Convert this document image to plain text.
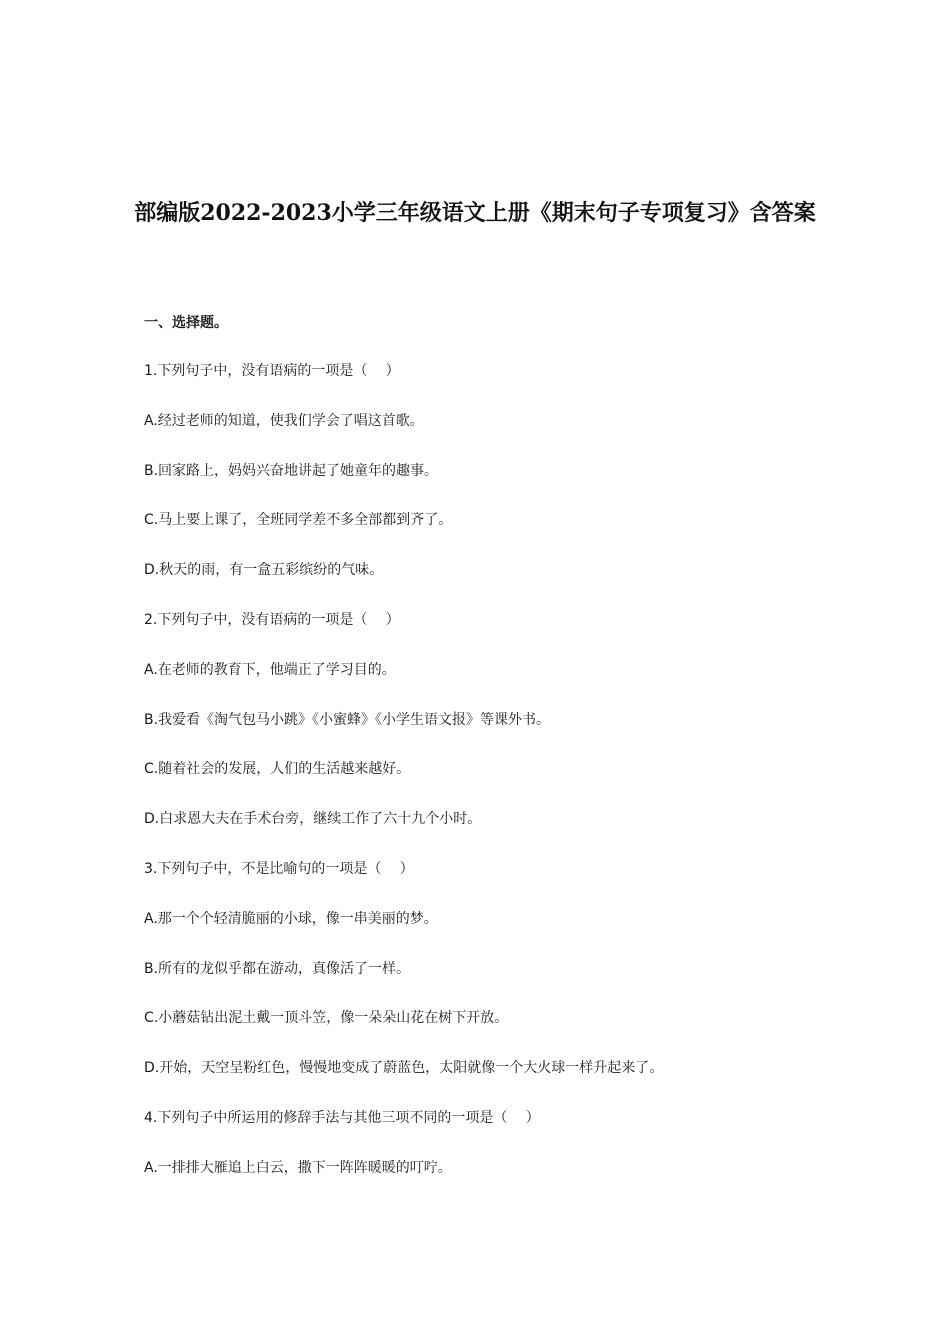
部编版2022-2023小学三年级语文上册《期末句子专项复习》含答案

一、选择题。

1.下列句子中，没有语病的一项是（　 ）
A.经过老师的知道，使我们学会了唱这首歌。
B.回家路上，妈妈兴奋地讲起了她童年的趣事。
C.马上要上课了，全班同学差不多全部都到齐了。
D.秋天的雨，有一盒五彩缤纷的气味。
2.下列句子中，没有语病的一项是（　 ）
A.在老师的教育下，他端正了学习目的。
B.我爱看《淘气包马小跳》《小蜜蜂》《小学生语文报》等课外书。
C.随着社会的发展，人们的生活越来越好。
D.白求恩大夫在手术台旁，继续工作了六十九个小时。
3.下列句子中，不是比喻句的一项是（　 ）
A.那一个个轻清脆丽的小球，像一串美丽的梦。
B.所有的龙似乎都在游动，真像活了一样。
C.小蘑菇钻出泥土戴一顶斗笠，像一朵朵山花在树下开放。
D.开始，天空呈粉红色，慢慢地变成了蔚蓝色，太阳就像一个大火球一样升起来了。
4.下列句子中所运用的修辞手法与其他三项不同的一项是（　 ）
A.一排排大雁追上白云，撒下一阵阵暖暖的叮咛。
